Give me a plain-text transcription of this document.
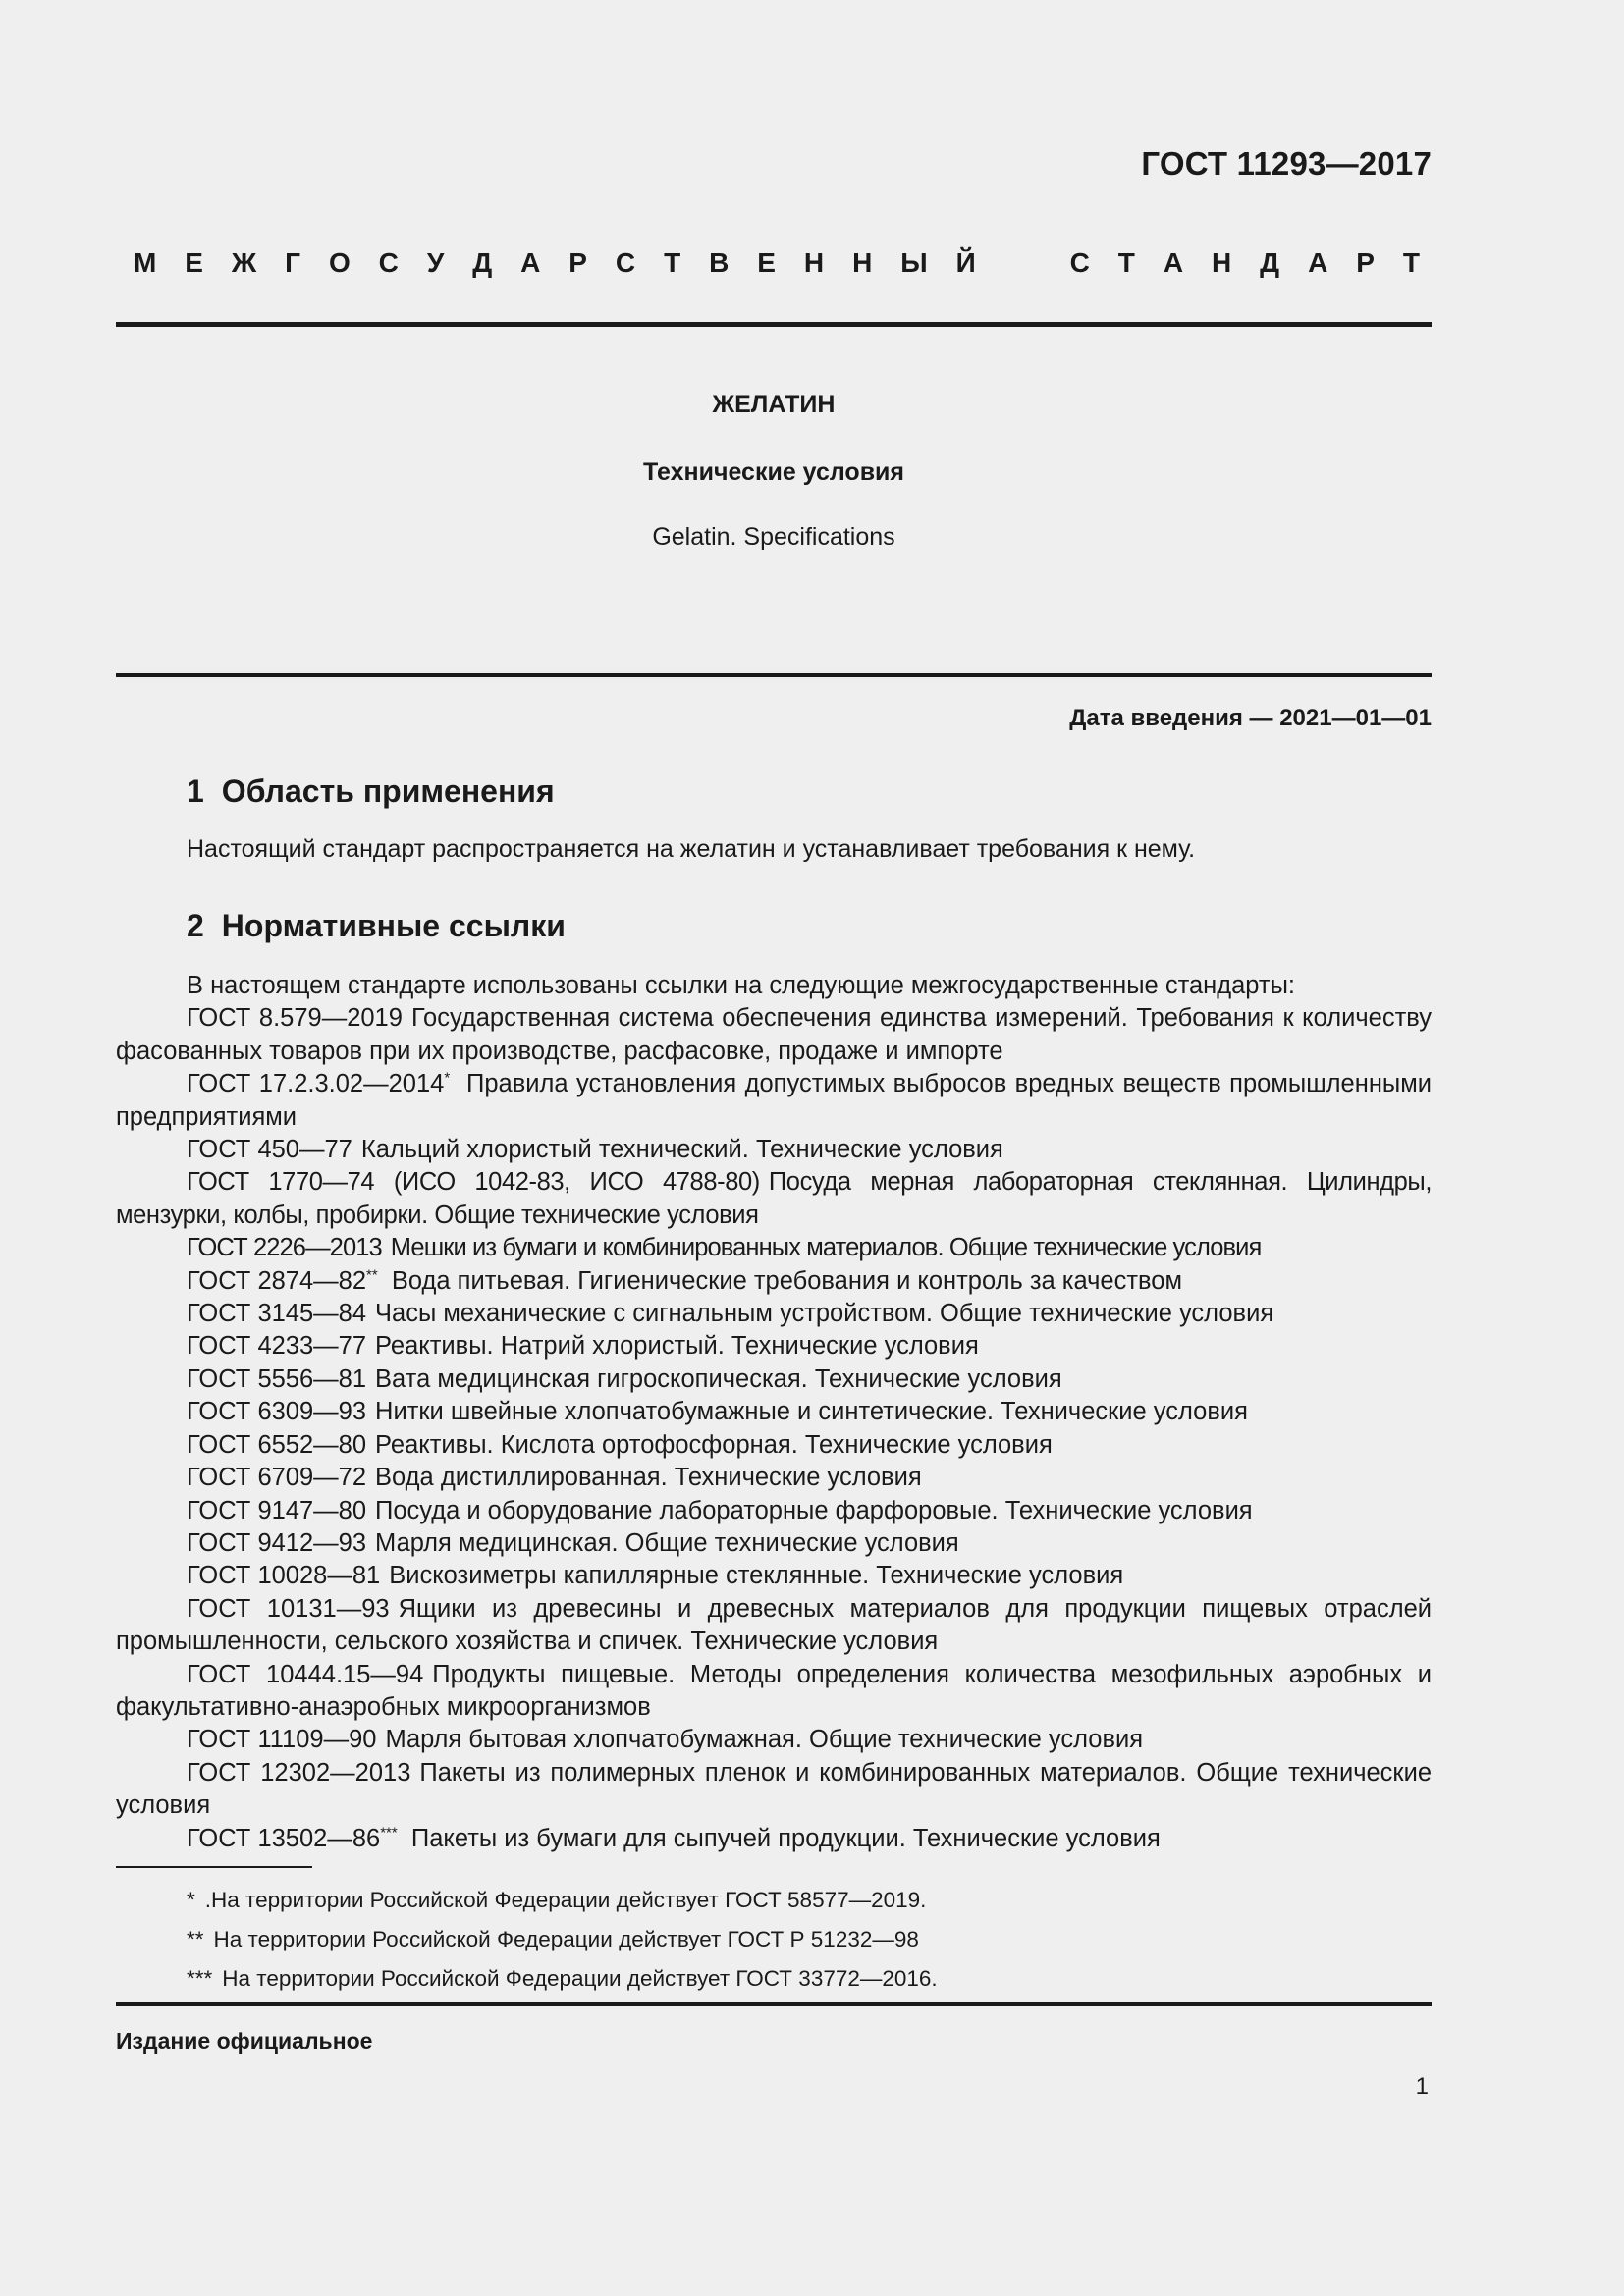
ГОСТ 11293—2017
М Е Ж Г О С У Д А Р С Т В Е Н Н Ы Й	С Т А Н Д А Р Т
ЖЕЛАТИН
Технические условия
Gelatin. Specifications
Дата введения — 2021—01—01
1 Область применения
Настоящий стандарт распространяется на желатин и устанавливает требования к нему.
2 Нормативные ссылки

В настоящем стандарте использованы ссылки на следующие межгосударственные стандарты:

ГОСТ 8.579—2019 Государственная система обеспечения единства измерений. Требования к количеству фасованных товаров при их производстве, расфасовке, продаже и импорте

ГОСТ 17.2.3.02—2014* Правила установления допустимых выбросов вредных веществ промышленными предприятиями

ГОСТ 450—77 Кальций хлористый технический. Технические условия

ГОСТ 1770—74 (ИСО 1042-83, ИСО 4788-80) Посуда мерная лабораторная стеклянная. Цилиндры, мензурки, колбы, пробирки. Общие технические условия

ГОСТ 2226—2013 Мешки из бумаги и комбинированных материалов. Общие технические условия

ГОСТ 2874—82** Вода питьевая. Гигиенические требования и контроль за качеством

ГОСТ 3145—84 Часы механические с сигнальным устройством. Общие технические условия

ГОСТ 4233—77 Реактивы. Натрий хлористый. Технические условия

ГОСТ 5556—81 Вата медицинская гигроскопическая. Технические условия

ГОСТ 6309—93 Нитки швейные хлопчатобумажные и синтетические. Технические условия

ГОСТ 6552—80 Реактивы. Кислота ортофосфорная. Технические условия

ГОСТ 6709—72 Вода дистиллированная. Технические условия

ГОСТ 9147—80 Посуда и оборудование лабораторные фарфоровые. Технические условия

ГОСТ 9412—93 Марля медицинская. Общие технические условия

ГОСТ 10028—81 Вискозиметры капиллярные стеклянные. Технические условия

ГОСТ 10131—93 Ящики из древесины и древесных материалов для продукции пищевых отраслей промышленности, сельского хозяйства и спичек. Технические условия

ГОСТ 10444.15—94 Продукты пищевые. Методы определения количества мезофильных аэробных и факультативно-анаэробных микроорганизмов

ГОСТ 11109—90 Марля бытовая хлопчатобумажная. Общие технические условия

ГОСТ 12302—2013 Пакеты из полимерных пленок и комбинированных материалов. Общие технические условия

ГОСТ 13502—86*** Пакеты из бумаги для сыпучей продукции. Технические условия

* .На территории Российской Федерации действует ГОСТ 58577—2019.
** На территории Российской Федерации действует ГОСТ Р 51232—98
*** На территории Российской Федерации действует ГОСТ 33772—2016.
Издание официальное
1
